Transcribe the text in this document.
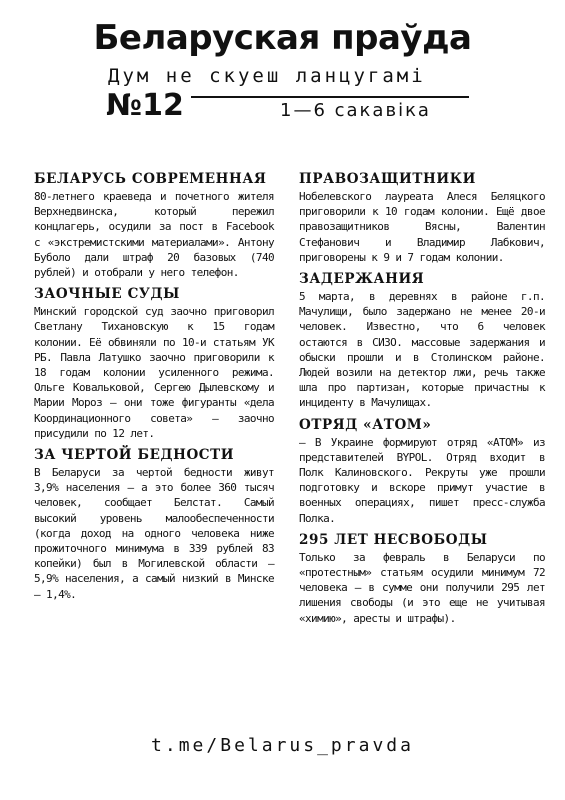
Беларуская праўда
Дум не скуеш ланцугамі
№12	1—6 сакавіка
БЕЛАРУСЬ СОВРЕМЕННАЯ

80-летнего краеведа и почетного жителя Верхнедвинска, который пережил концлагерь, осудили за пост в Facebook с «экстремистскими материалами». Антону Буболо дали штраф 20 базовых (740 рублей) и отобрали у него телефон.

ЗАОЧНЫЕ СУДЫ

Минский городской суд заочно приговорил Светлану Тихановскую к 15 годам колонии. Её обвиняли по 10-и статьям УК РБ. Павла Латушко заочно приговорили к 18 годам колонии усиленного режима. Ольге Ковальковой, Сергею Дылевскому и Марии Мороз — они тоже фигуранты «дела Координационного совета» — заочно присудили по 12 лет.

ЗА ЧЕРТОЙ БЕДНОСТИ

В Беларуси за чертой бедности живут 3,9% населения — а это более 360 тысяч человек, сообщает Белстат. Самый высокий уровень малообеспеченности (когда доход на одного человека ниже прожиточного минимума в 339 рублей 83 копейки) был в Могилевской области — 5,9% населения, а самый низкий в Минске — 1,4%.

ПРАВОЗАЩИТНИКИ

Нобелевского лауреата Алеся Беляцкого приговорили к 10 годам колонии. Ещё двое правозащитников Вясны, Валентин Стефанович и Владимир Лабкович, приговорены к 9 и 7 годам колонии.

ЗАДЕРЖАНИЯ

5 марта, в деревнях в районе г.п. Мачулищи, было задержано не менее 20-и человек. Известно, что 6 человек остаются в СИЗО. массовые задержания и обыски прошли и в Столинском районе. Людей возили на детектор лжи, речь также шла про партизан, которые причастны к инциденту в Мачулищах.

ОТРЯД «АТОМ»

— В Украине формируют отряд «АТОМ» из представителей BYPOL. Отряд входит в Полк Калиновского. Рекруты уже прошли подготовку и вскоре примут участие в военных операциях, пишет пресс-служба Полка.

295 ЛЕТ НЕСВОБОДЫ

Только за февраль в Беларуси по «протестным» статьям осудили минимум 72 человека — в сумме они получили 295 лет лишения свободы (и это еще не учитывая «химию», аресты и штрафы).

t.me/Belarus_pravda
